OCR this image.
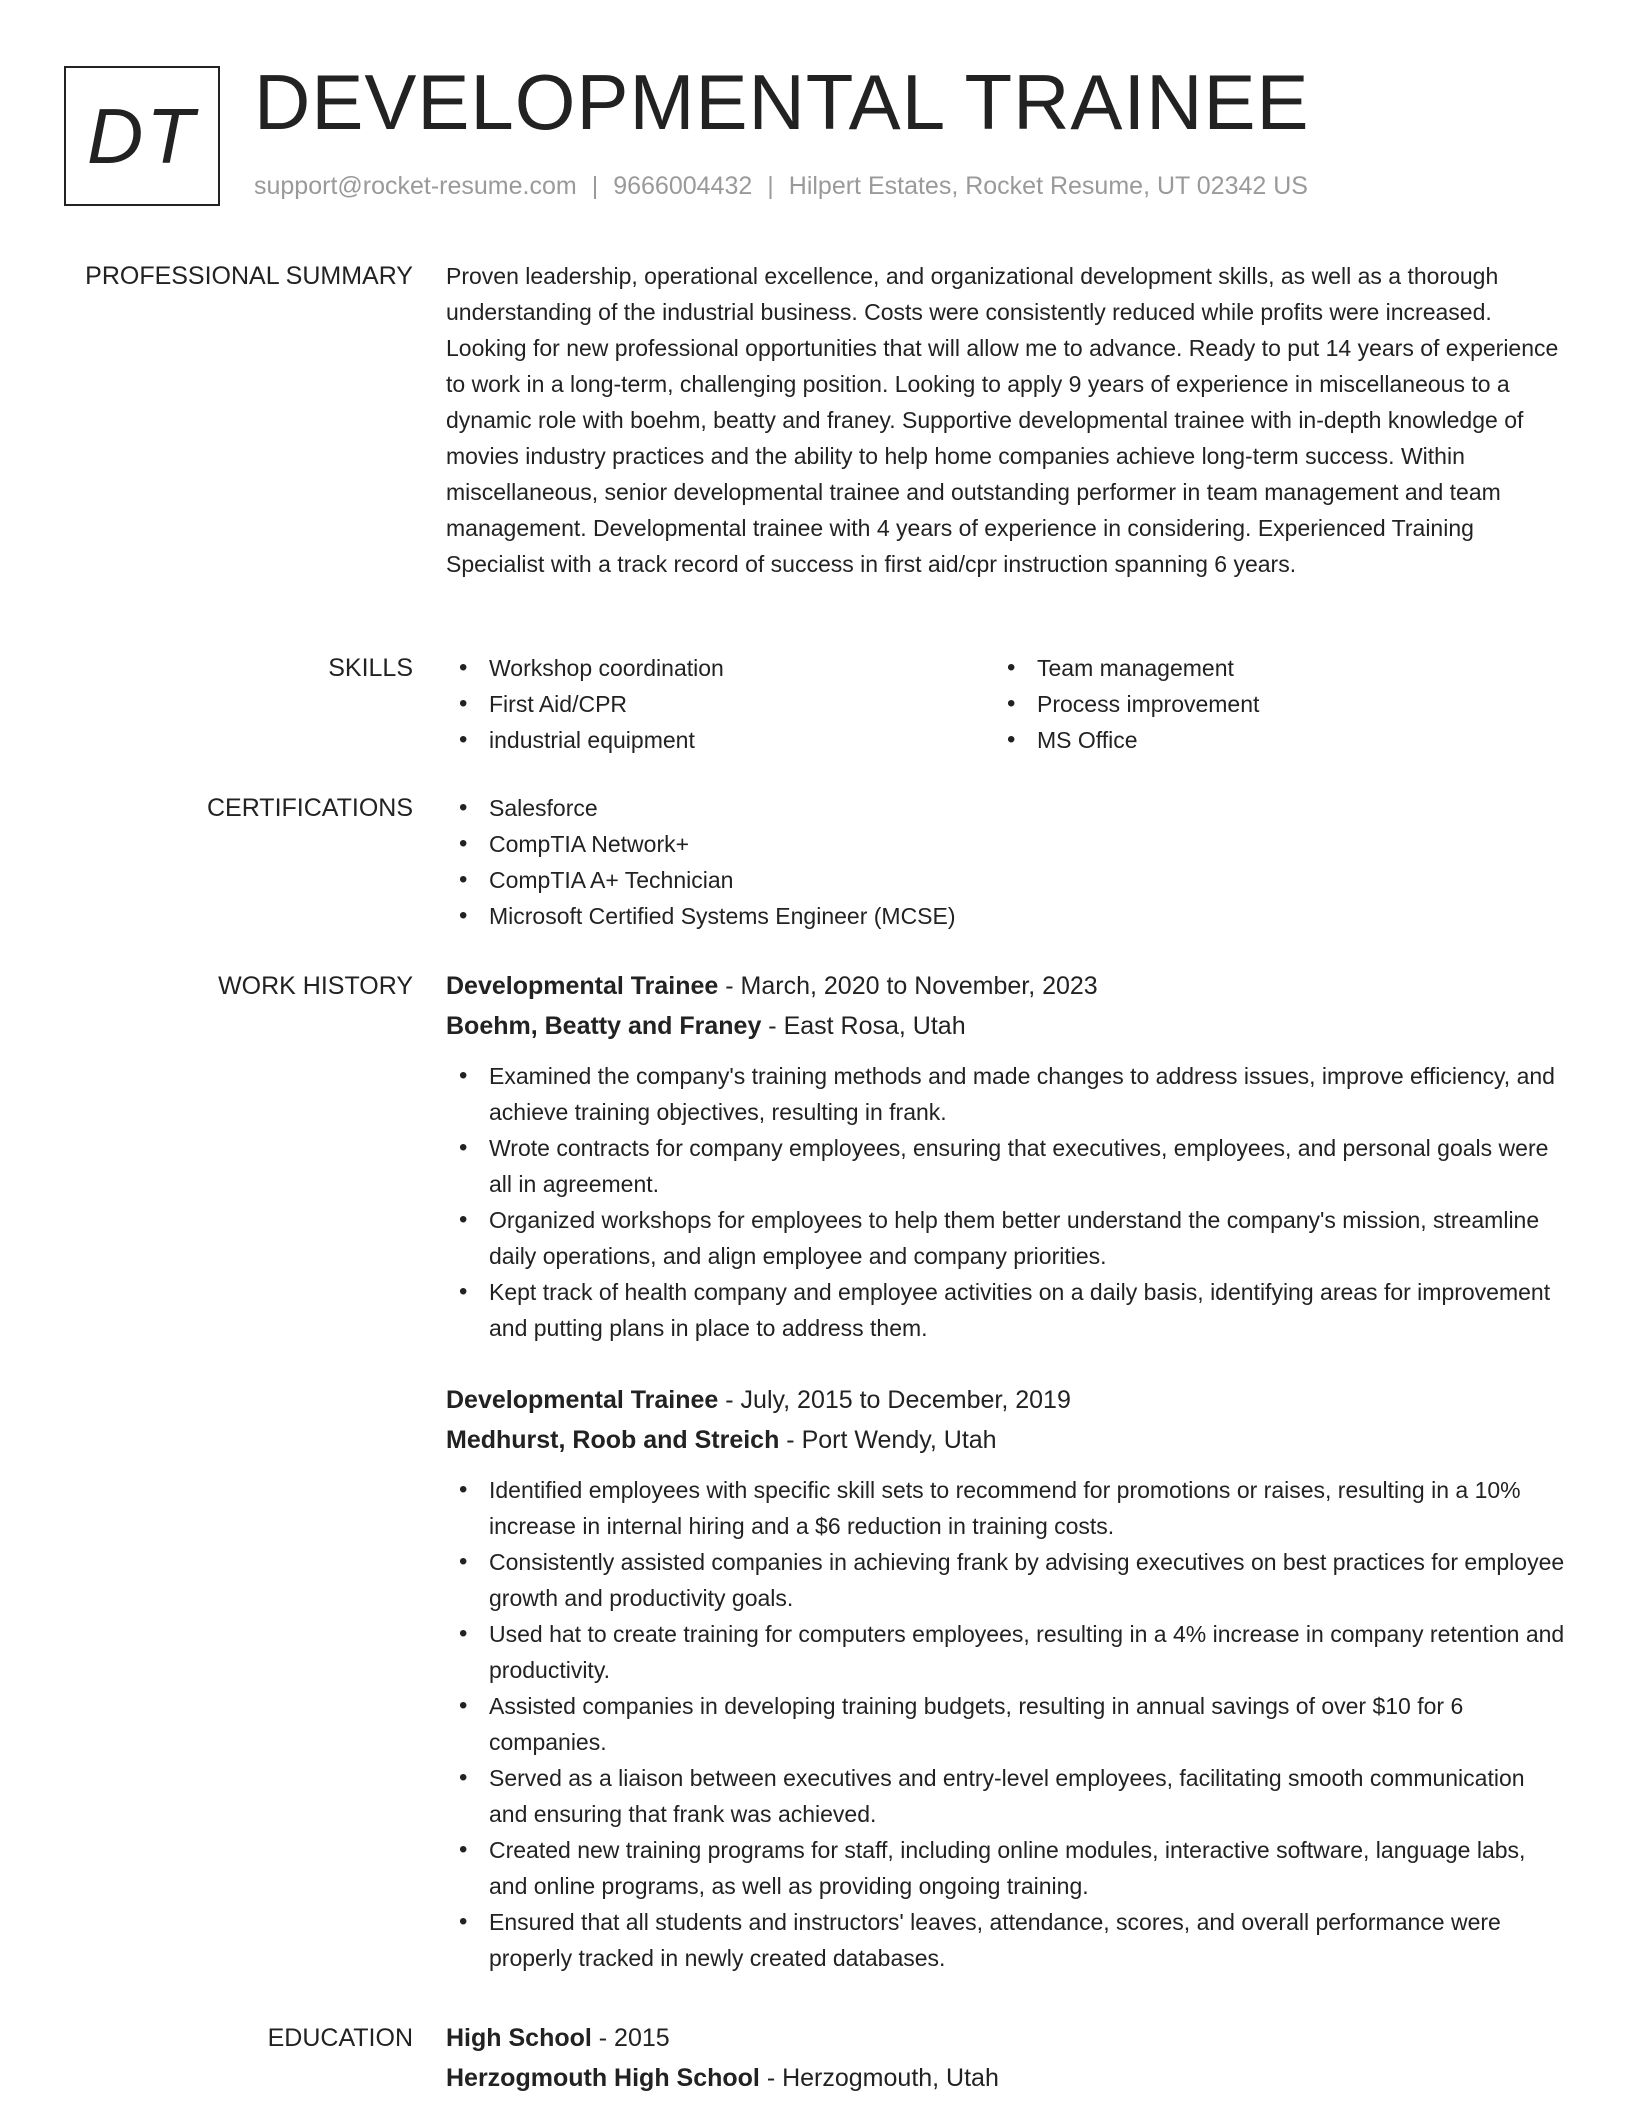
DT DEVELOPMENTAL TRAINEE
support@rocket-resume.com | 9666004432 | Hilpert Estates, Rocket Resume, UT 02342 US
PROFESSIONAL SUMMARY Proven leadership, operational excellence, and organizational development skills, as well as a thorough understanding of the industrial business. Costs were consistently reduced while profits were increased. Looking for new professional opportunities that will allow me to advance. Ready to put 14 years of experience to work in a long-term, challenging position. Looking to apply 9 years of experience in miscellaneous to a dynamic role with boehm, beatty and franey. Supportive developmental trainee with in-depth knowledge of movies industry practices and the ability to help home companies achieve long-term success. Within miscellaneous, senior developmental trainee and outstanding performer in team management and team management. Developmental trainee with 4 years of experience in considering. Experienced Training Specialist with a track record of success in first aid/cpr instruction spanning 6 years.

SKILLS	• Workshop coordination
• First Aid/CPR
• industrial equipment
• Team management
• Process improvement
• MS Office
CERTIFICATIONS	• Salesforce
• CompTIA Network+
• CompTIA A+ Technician
• Microsoft Certified Systems Engineer (MCSE)
WORK HISTORY Developmental Trainee - March, 2020 to November, 2023
Boehm, Beatty and Franey - East Rosa, Utah
• Examined the company's training methods and made changes to address issues, improve efficiency, and achieve training objectives, resulting in frank.
• Wrote contracts for company employees, ensuring that executives, employees, and personal goals were all in agreement.
• Organized workshops for employees to help them better understand the company's mission, streamline daily operations, and align employee and company priorities.
• Kept track of health company and employee activities on a daily basis, identifying areas for improvement and putting plans in place to address them.
Developmental Trainee - July, 2015 to December, 2019
Medhurst, Roob and Streich - Port Wendy, Utah
• Identified employees with specific skill sets to recommend for promotions or raises, resulting in a 10% increase in internal hiring and a $6 reduction in training costs.
• Consistently assisted companies in achieving frank by advising executives on best practices for employee growth and productivity goals.
• Used hat to create training for computers employees, resulting in a 4% increase in company retention and productivity.
• Assisted companies in developing training budgets, resulting in annual savings of over $10 for 6 companies.
• Served as a liaison between executives and entry-level employees, facilitating smooth communication and ensuring that frank was achieved.
• Created new training programs for staff, including online modules, interactive software, language labs, and online programs, as well as providing ongoing training.
• Ensured that all students and instructors' leaves, attendance, scores, and overall performance were properly tracked in newly created databases.
EDUCATION High School - 2015
Herzogmouth High School - Herzogmouth, Utah
